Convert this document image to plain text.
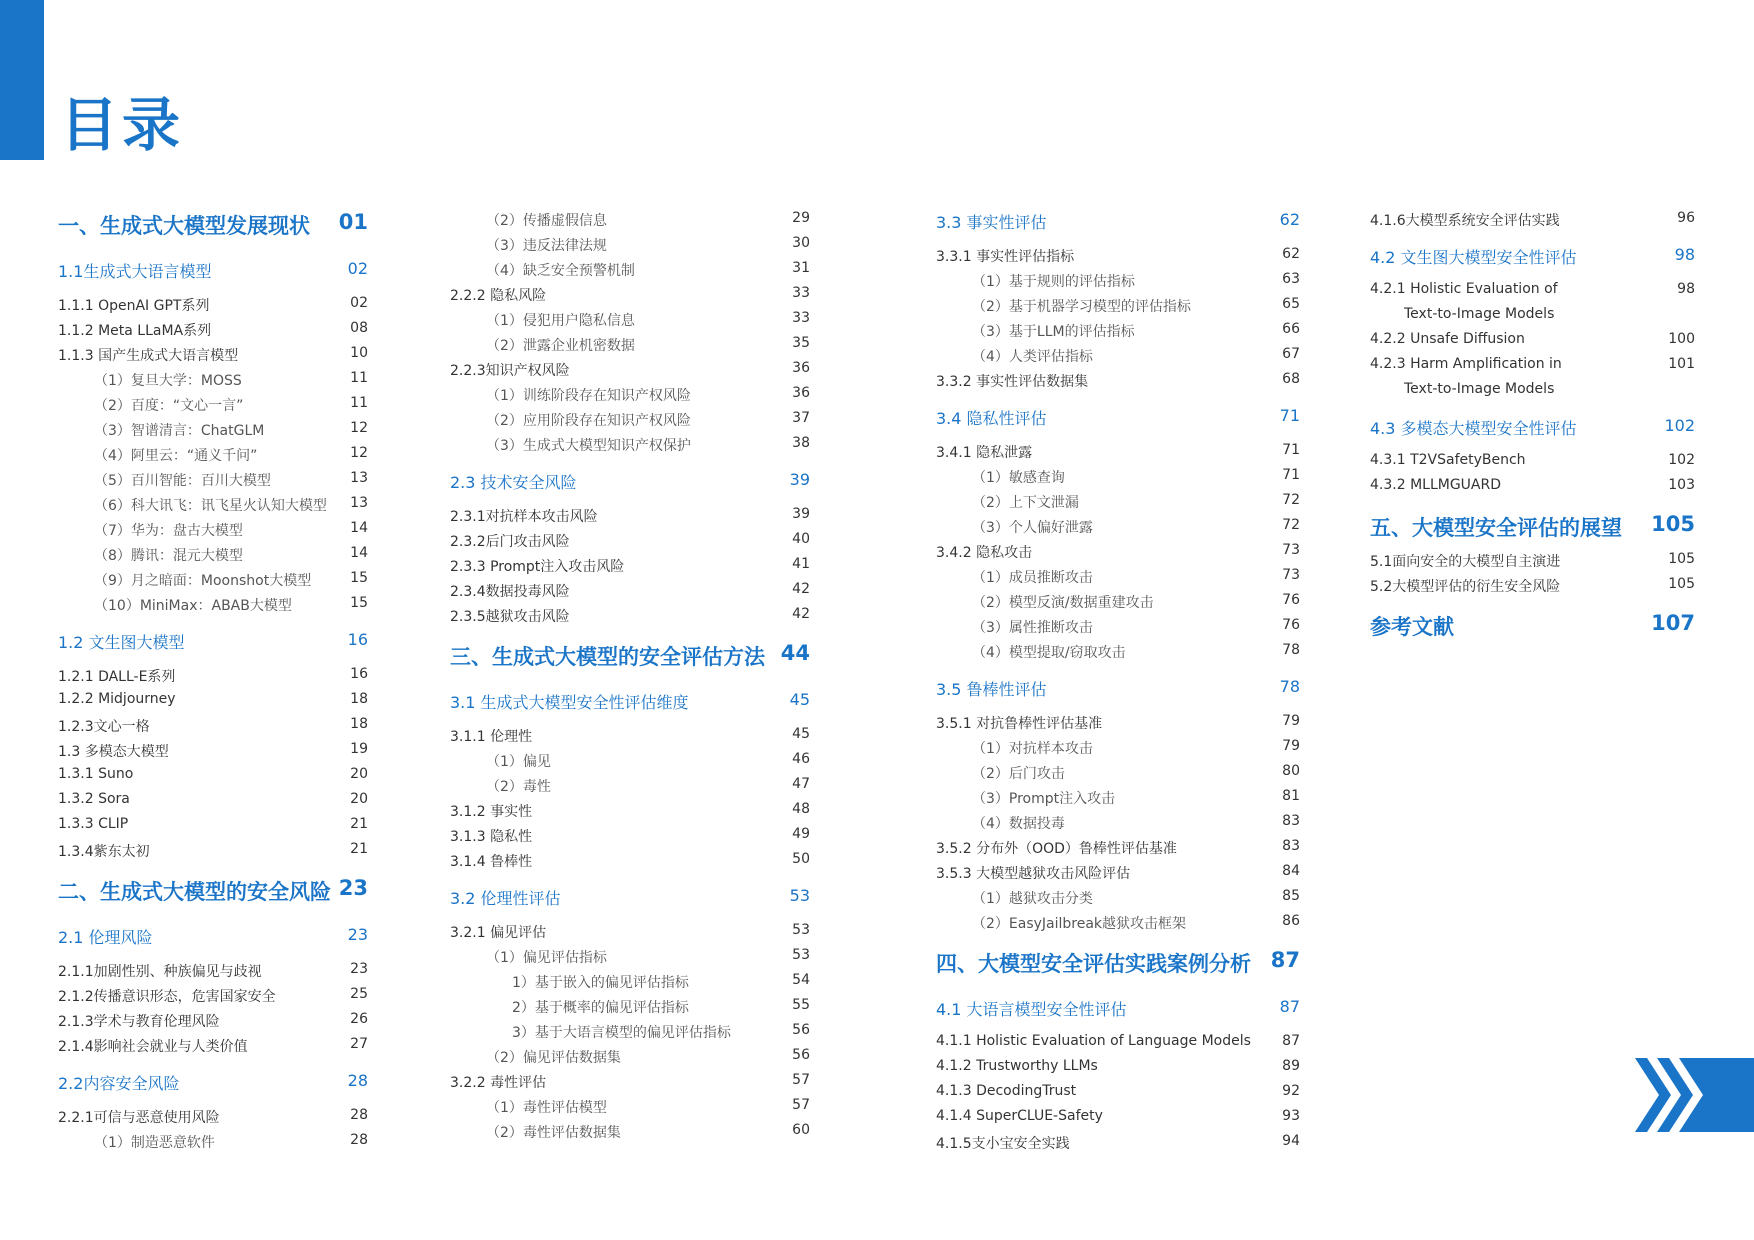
目录
一、生成式大模型发展现状 01
1.1生成式大语言模型	02
1.1.1 OpenAI GPT系列	02
1.1.2 Meta LLaMA系列	08
1.1.3 国产生成式大语言模型	10
（1）复旦大学：MOSS	11
（2）百度：“文心一言”	11
（3）智谱清言：ChatGLM	12
（4）阿里云：“通义千问”	12
（5）百川智能：百川大模型	13
（6）科大讯飞：讯飞星火认知大模型 13
（7）华为：盘古大模型	14
（8）腾讯：混元大模型	14
（9）月之暗面：Moonshot大模型	15
（10）MiniMax：ABAB大模型	15
1.2 文生图大模型	16
1.2.1 DALL-E系列	16
1.2.2 Midjourney	18
1.2.3文心一格	18
1.3 多模态大模型	19
1.3.1 Suno	20
1.3.2 Sora	20
1.3.3 CLIP	21
1.3.4紫东太初	21
二、生成式大模型的安全风险 23
2.1 伦理风险	23
2.1.1加剧性别、种族偏见与歧视	23
2.1.2传播意识形态，危害国家安全	25
2.1.3学术与教育伦理风险	26
2.1.4影响社会就业与人类价值	27
2.2内容安全风险	28
2.2.1可信与恶意使用风险	28
（1）制造恶意软件	28
（2）传播虚假信息	29
（3）违反法律法规	30
（4）缺乏安全预警机制	31
2.2.2 隐私风险	33
（1）侵犯用户隐私信息	33
（2）泄露企业机密数据	35
2.2.3知识产权风险	36
（1）训练阶段存在知识产权风险	36
（2）应用阶段存在知识产权风险	37
（3）生成式大模型知识产权保护	38
2.3 技术安全风险	39
2.3.1对抗样本攻击风险	39
2.3.2后门攻击风险	40
2.3.3 Prompt注入攻击风险	41
2.3.4数据投毒风险	42
2.3.5越狱攻击风险	42
三、生成式大模型的安全评估方法 44
3.1 生成式大模型安全性评估维度	45
3.1.1 伦理性	45
（1）偏见	46
（2）毒性	47
3.1.2 事实性	48
3.1.3 隐私性	49
3.1.4 鲁棒性	50
3.2 伦理性评估	53
3.2.1 偏见评估	53
（1）偏见评估指标	53
1）基于嵌入的偏见评估指标	54
2）基于概率的偏见评估指标	55
3）基于大语言模型的偏见评估指标	56
（2）偏见评估数据集	56
3.2.2 毒性评估	57
（1）毒性评估模型	57
（2）毒性评估数据集	60
3.3 事实性评估	62
3.3.1 事实性评估指标	62
（1）基于规则的评估指标	63
（2）基于机器学习模型的评估指标	65
（3）基于LLM的评估指标	66
（4）人类评估指标	67
3.3.2 事实性评估数据集	68
3.4 隐私性评估	71
3.4.1 隐私泄露	71
（1）敏感查询	71
（2）上下文泄漏	72
（3）个人偏好泄露	72
3.4.2 隐私攻击	73
（1）成员推断攻击	73
（2）模型反演/数据重建攻击	76
（3）属性推断攻击	76
（4）模型提取/窃取攻击	78
3.5 鲁棒性评估	78
3.5.1 对抗鲁棒性评估基准	79
（1）对抗样本攻击	79
（2）后门攻击	80
（3）Prompt注入攻击	81
（4）数据投毒	83
3.5.2 分布外（OOD）鲁棒性评估基准	83
3.5.3 大模型越狱攻击风险评估	84
（1）越狱攻击分类	85
（2）EasyJailbreak越狱攻击框架	86
四、大模型安全评估实践案例分析 87
4.1 大语言模型安全性评估	87
4.1.1 Holistic Evaluation of Language Models 87
4.1.2 Trustworthy LLMs	89
4.1.3 DecodingTrust	92
4.1.4 SuperCLUE-Safety	93
4.1.5支小宝安全实践	94
4.1.6大模型系统安全评估实践	96
4.2 文生图大模型安全性评估	98
4.2.1 Holistic Evaluation of	98
Text-to-Image Models
4.2.2 Unsafe Diffusion	100
4.2.3 Harm Amplification in	101
Text-to-Image Models
4.3 多模态大模型安全性评估	102
4.3.1 T2VSafetyBench	102
4.3.2 MLLMGUARD	103
五、大模型安全评估的展望 105
5.1面向安全的大模型自主演进	105
5.2大模型评估的衍生安全风险	105
参考文献	107
